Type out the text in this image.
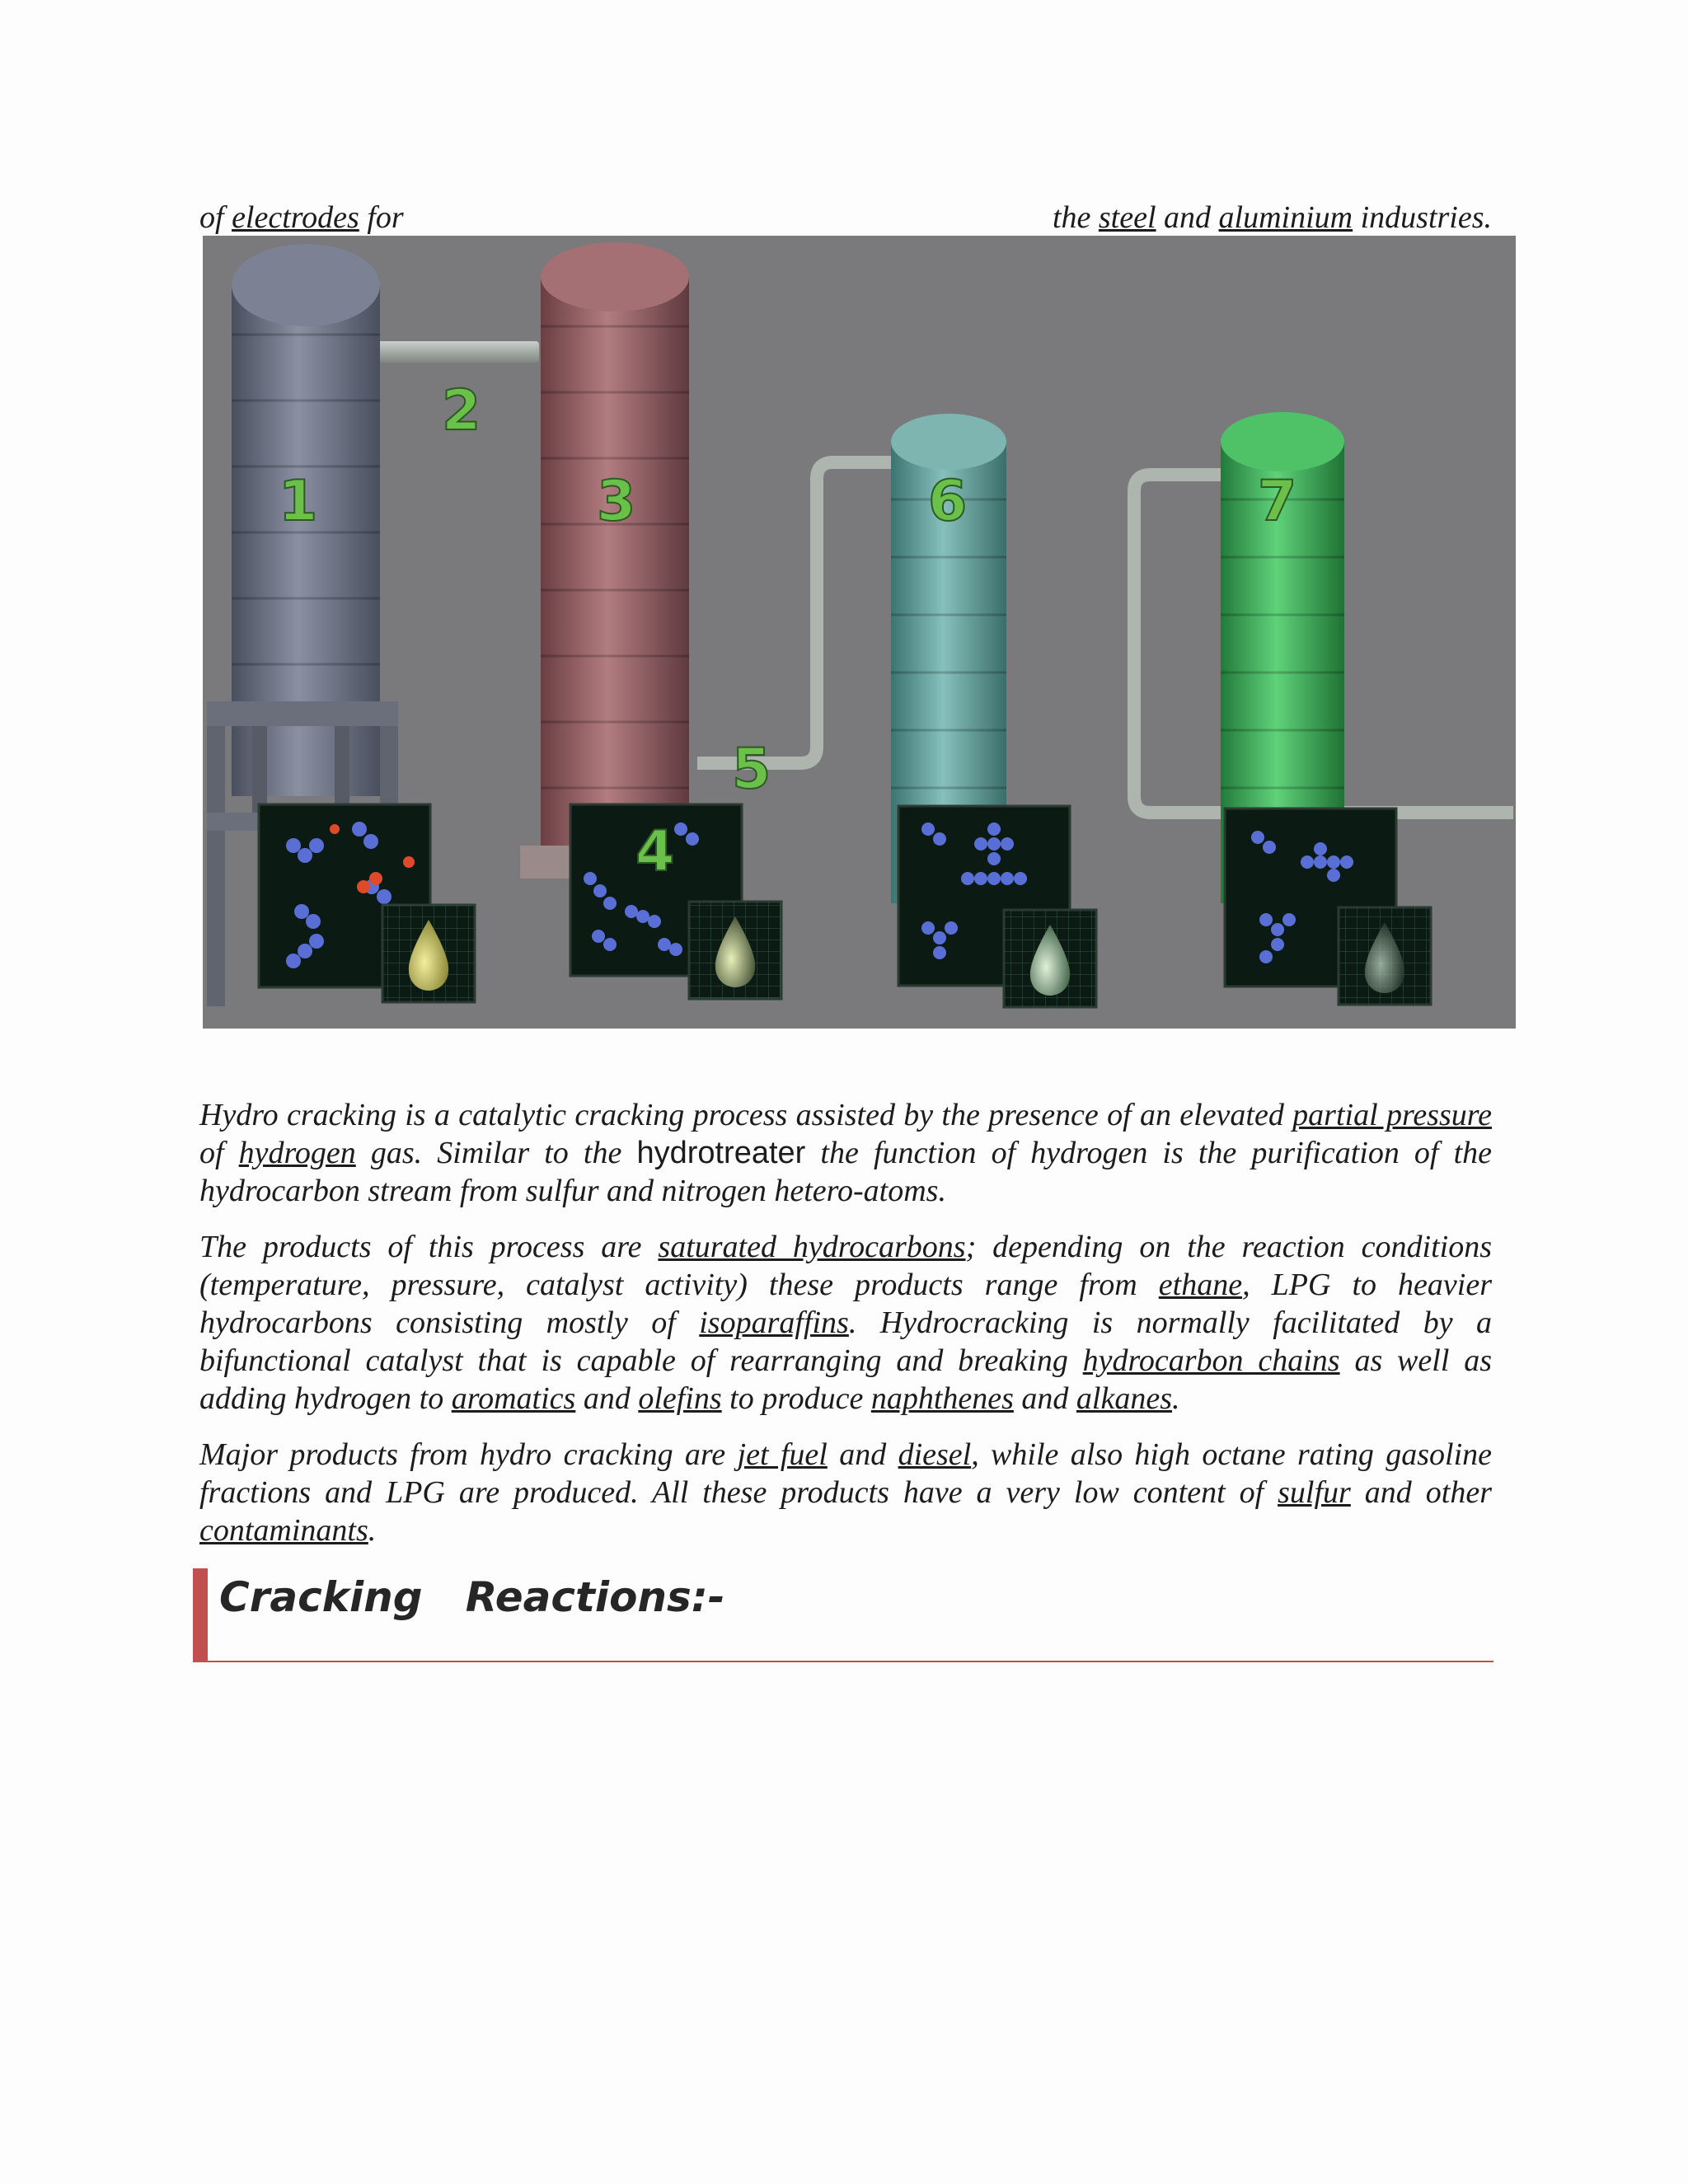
of electrodes for	the steel and aluminium industries.
1
2
3
4
5
6	7

Hydro cracking is a catalytic cracking process assisted by the presence of an elevated partial pressure of hydrogen gas. Similar to the hydrotreater the function of hydrogen is the purification of the hydrocarbon stream from sulfur and nitrogen hetero-atoms.

The products of this process are saturated hydrocarbons; depending on the reaction conditions (temperature, pressure, catalyst activity) these products range from ethane, LPG to heavier hydrocarbons consisting mostly of isoparaffins. Hydrocracking is normally facilitated by a bifunctional catalyst that is capable of rearranging and breaking hydrocarbon chains as well as adding hydrogen to aromatics and olefins to produce naphthenes and alkanes.

Major products from hydro cracking are jet fuel and diesel, while also high octane rating gasoline fractions and LPG are produced. All these products have a very low content of sulfur and other contaminants.

Cracking   Reactions:-
